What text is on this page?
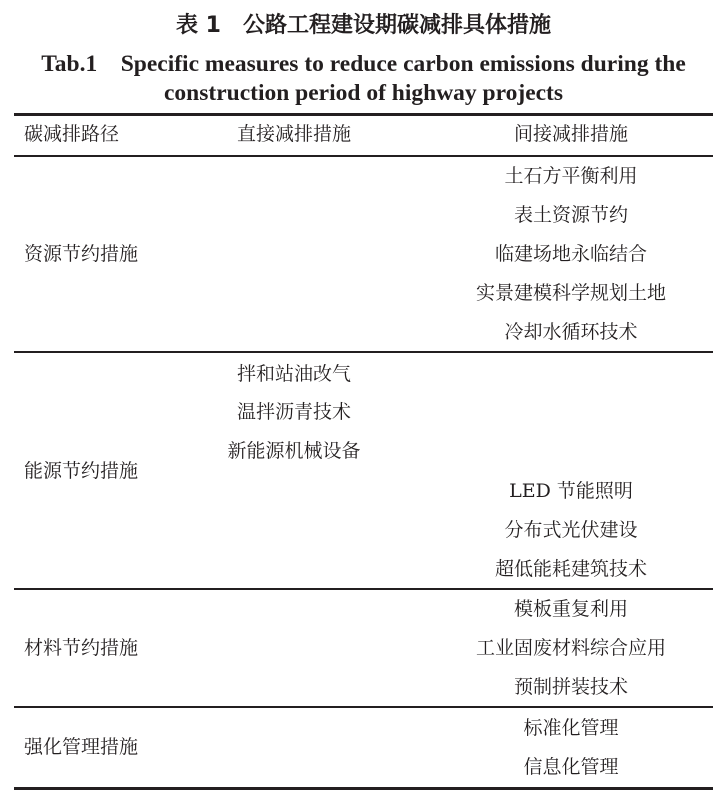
表 1　公路工程建设期碳减排具体措施
Tab.1　Specific measures to reduce carbon emissions during the
construction period of highway projects
碳减排路径	直接减排措施	间接减排措施
资源节约措施
土石方平衡利用
表土资源节约
临建场地永临结合
实景建模科学规划土地
冷却水循环技术
能源节约措施
拌和站油改气
温拌沥青技术
新能源机械设备
LED 节能照明
分布式光伏建设
超低能耗建筑技术
材料节约措施
模板重复利用
工业固废材料综合应用
预制拼装技术
强化管理措施
标准化管理
信息化管理
